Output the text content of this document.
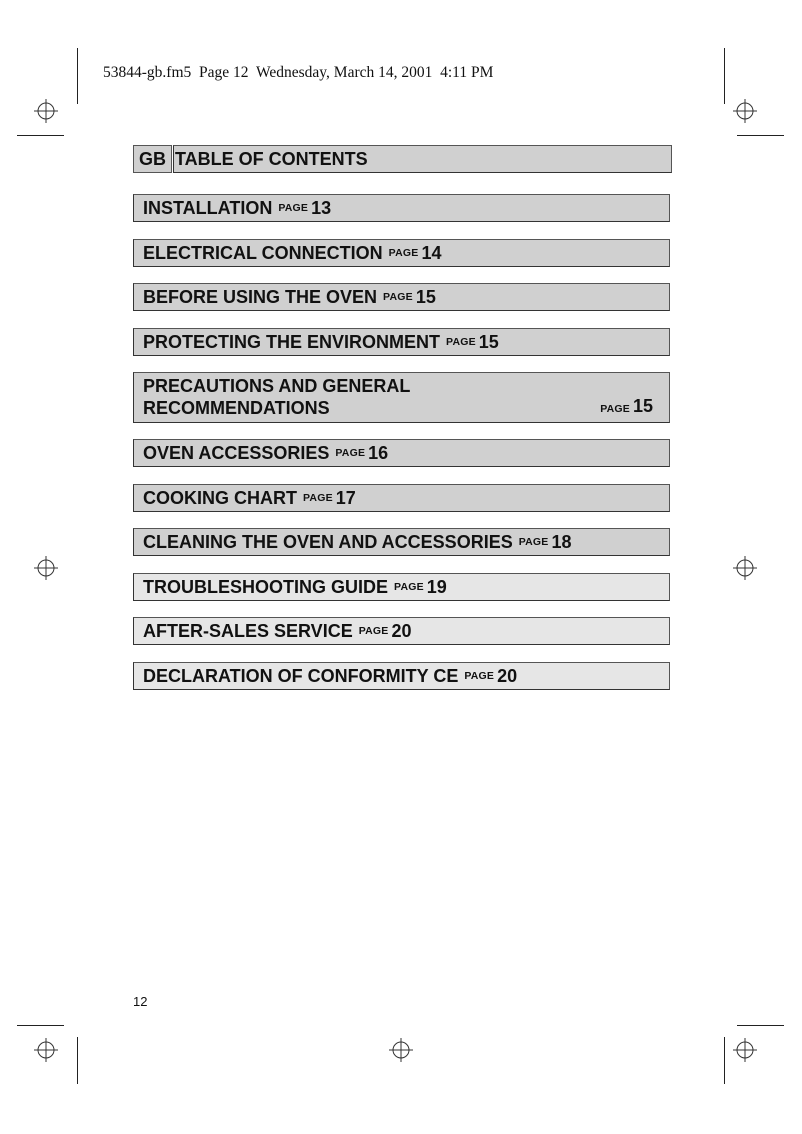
53844-gb.fm5  Page 12  Wednesday, March 14, 2001  4:11 PM
GB TABLE OF CONTENTS
INSTALLATION PAGE 13
ELECTRICAL CONNECTION PAGE 14
BEFORE USING THE OVEN PAGE 15
PROTECTING THE ENVIRONMENT PAGE 15
PRECAUTIONS AND GENERAL
RECOMMENDATIONS	PAGE 15
OVEN ACCESSORIES PAGE 16
COOKING CHART PAGE 17
CLEANING THE OVEN AND ACCESSORIES PAGE 18
TROUBLESHOOTING GUIDE PAGE 19
AFTER-SALES SERVICE PAGE 20
DECLARATION OF CONFORMITY CE PAGE 20
12
